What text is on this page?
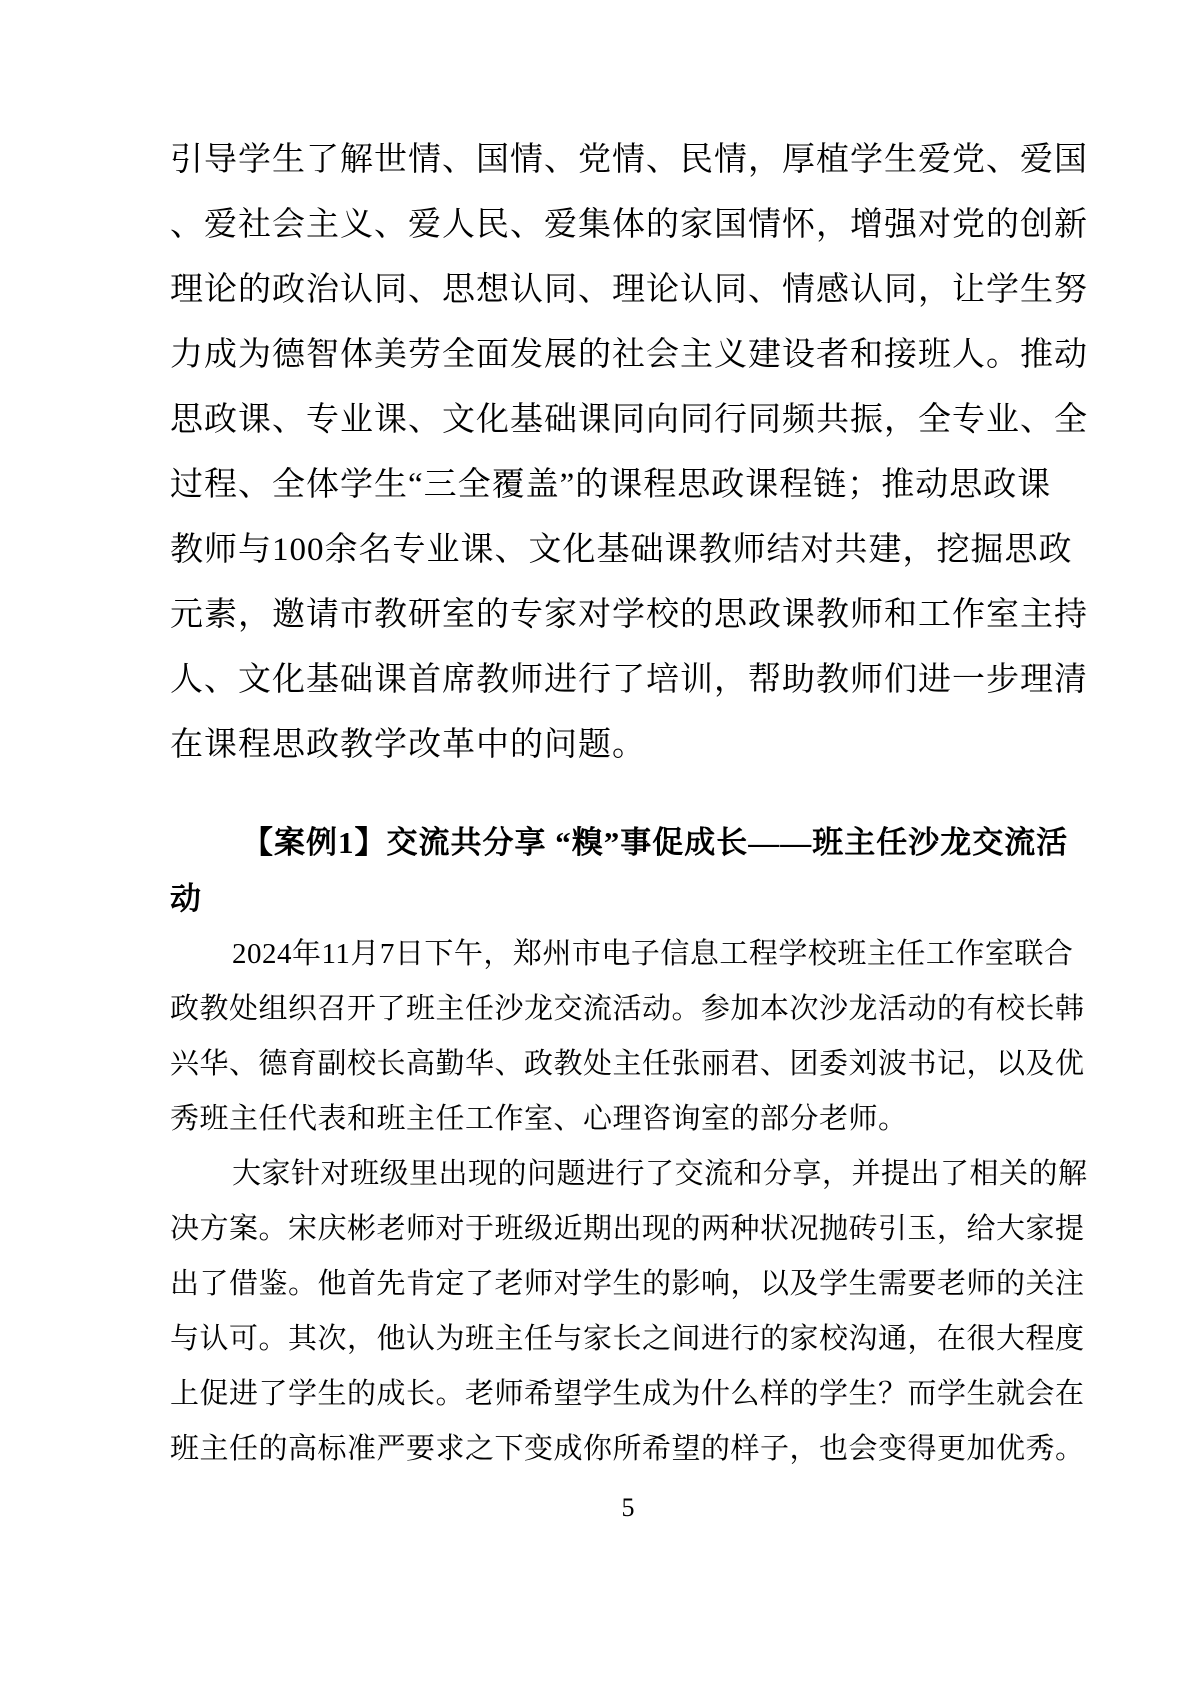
引导学生了解世情、国情、党情、民情，厚植学生爱党、爱国
、爱社会主义、爱人民、爱集体的家国情怀，增强对党的创新
理论的政治认同、思想认同、理论认同、情感认同，让学生努
力成为德智体美劳全面发展的社会主义建设者和接班人。推动
思政课、专业课、文化基础课同向同行同频共振，全专业、全
过程、全体学生“三全覆盖”的课程思政课程链；推动思政课
教师与100余名专业课、文化基础课教师结对共建，挖掘思政
元素，邀请市教研室的专家对学校的思政课教师和工作室主持
人、文化基础课首席教师进行了培训，帮助教师们进一步理清
在课程思政教学改革中的问题。
【案例1】交流共分享 “糗”事促成长——班主任沙龙交流活
动
2024年11月7日下午，郑州市电子信息工程学校班主任工作室联合
政教处组织召开了班主任沙龙交流活动。参加本次沙龙活动的有校长韩
兴华、德育副校长高勤华、政教处主任张丽君、团委刘波书记，以及优
秀班主任代表和班主任工作室、心理咨询室的部分老师。
大家针对班级里出现的问题进行了交流和分享，并提出了相关的解
决方案。宋庆彬老师对于班级近期出现的两种状况抛砖引玉，给大家提
出了借鉴。他首先肯定了老师对学生的影响，以及学生需要老师的关注
与认可。其次，他认为班主任与家长之间进行的家校沟通，在很大程度
上促进了学生的成长。老师希望学生成为什么样的学生？而学生就会在
班主任的高标准严要求之下变成你所希望的样子，也会变得更加优秀。
5
